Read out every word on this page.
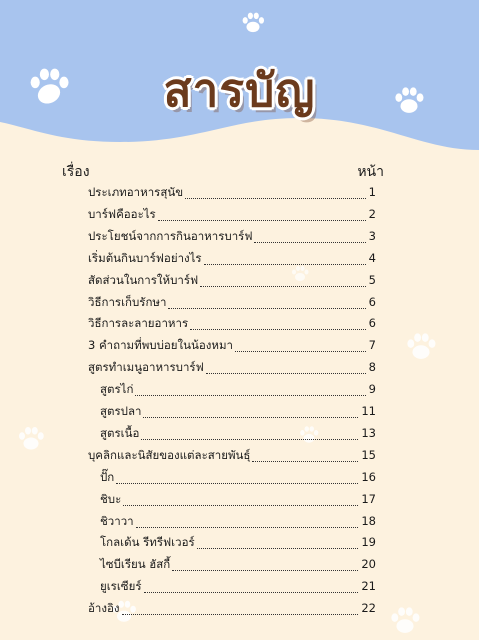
สารบัญ
เรื่อง	หน้า
ประเภทอาหารสุนัข	1
บาร์ฟคืออะไร	2
ประโยชน์จากการกินอาหารบาร์ฟ	3
เริ่มต้นกินบาร์ฟอย่างไร	4
สัดส่วนในการให้บาร์ฟ	5
วิธีการเก็บรักษา	6
วิธีการละลายอาหาร	6
3 คำถามที่พบบ่อยในน้องหมา	7
สูตรทำเมนูอาหารบาร์ฟ	8
สูตรไก่	9
สูตรปลา	11
สูตรเนื้อ	13
บุคลิกและนิสัยของแต่ละสายพันธุ์	15
ปั๊ก	16
ชิบะ	17
ชิวาวา	18
โกลเด้น รีทรีฟเวอร์	19
ไซบีเรียน ฮัสกี้	20
ยูเรเซียร์	21
อ้างอิง	22
